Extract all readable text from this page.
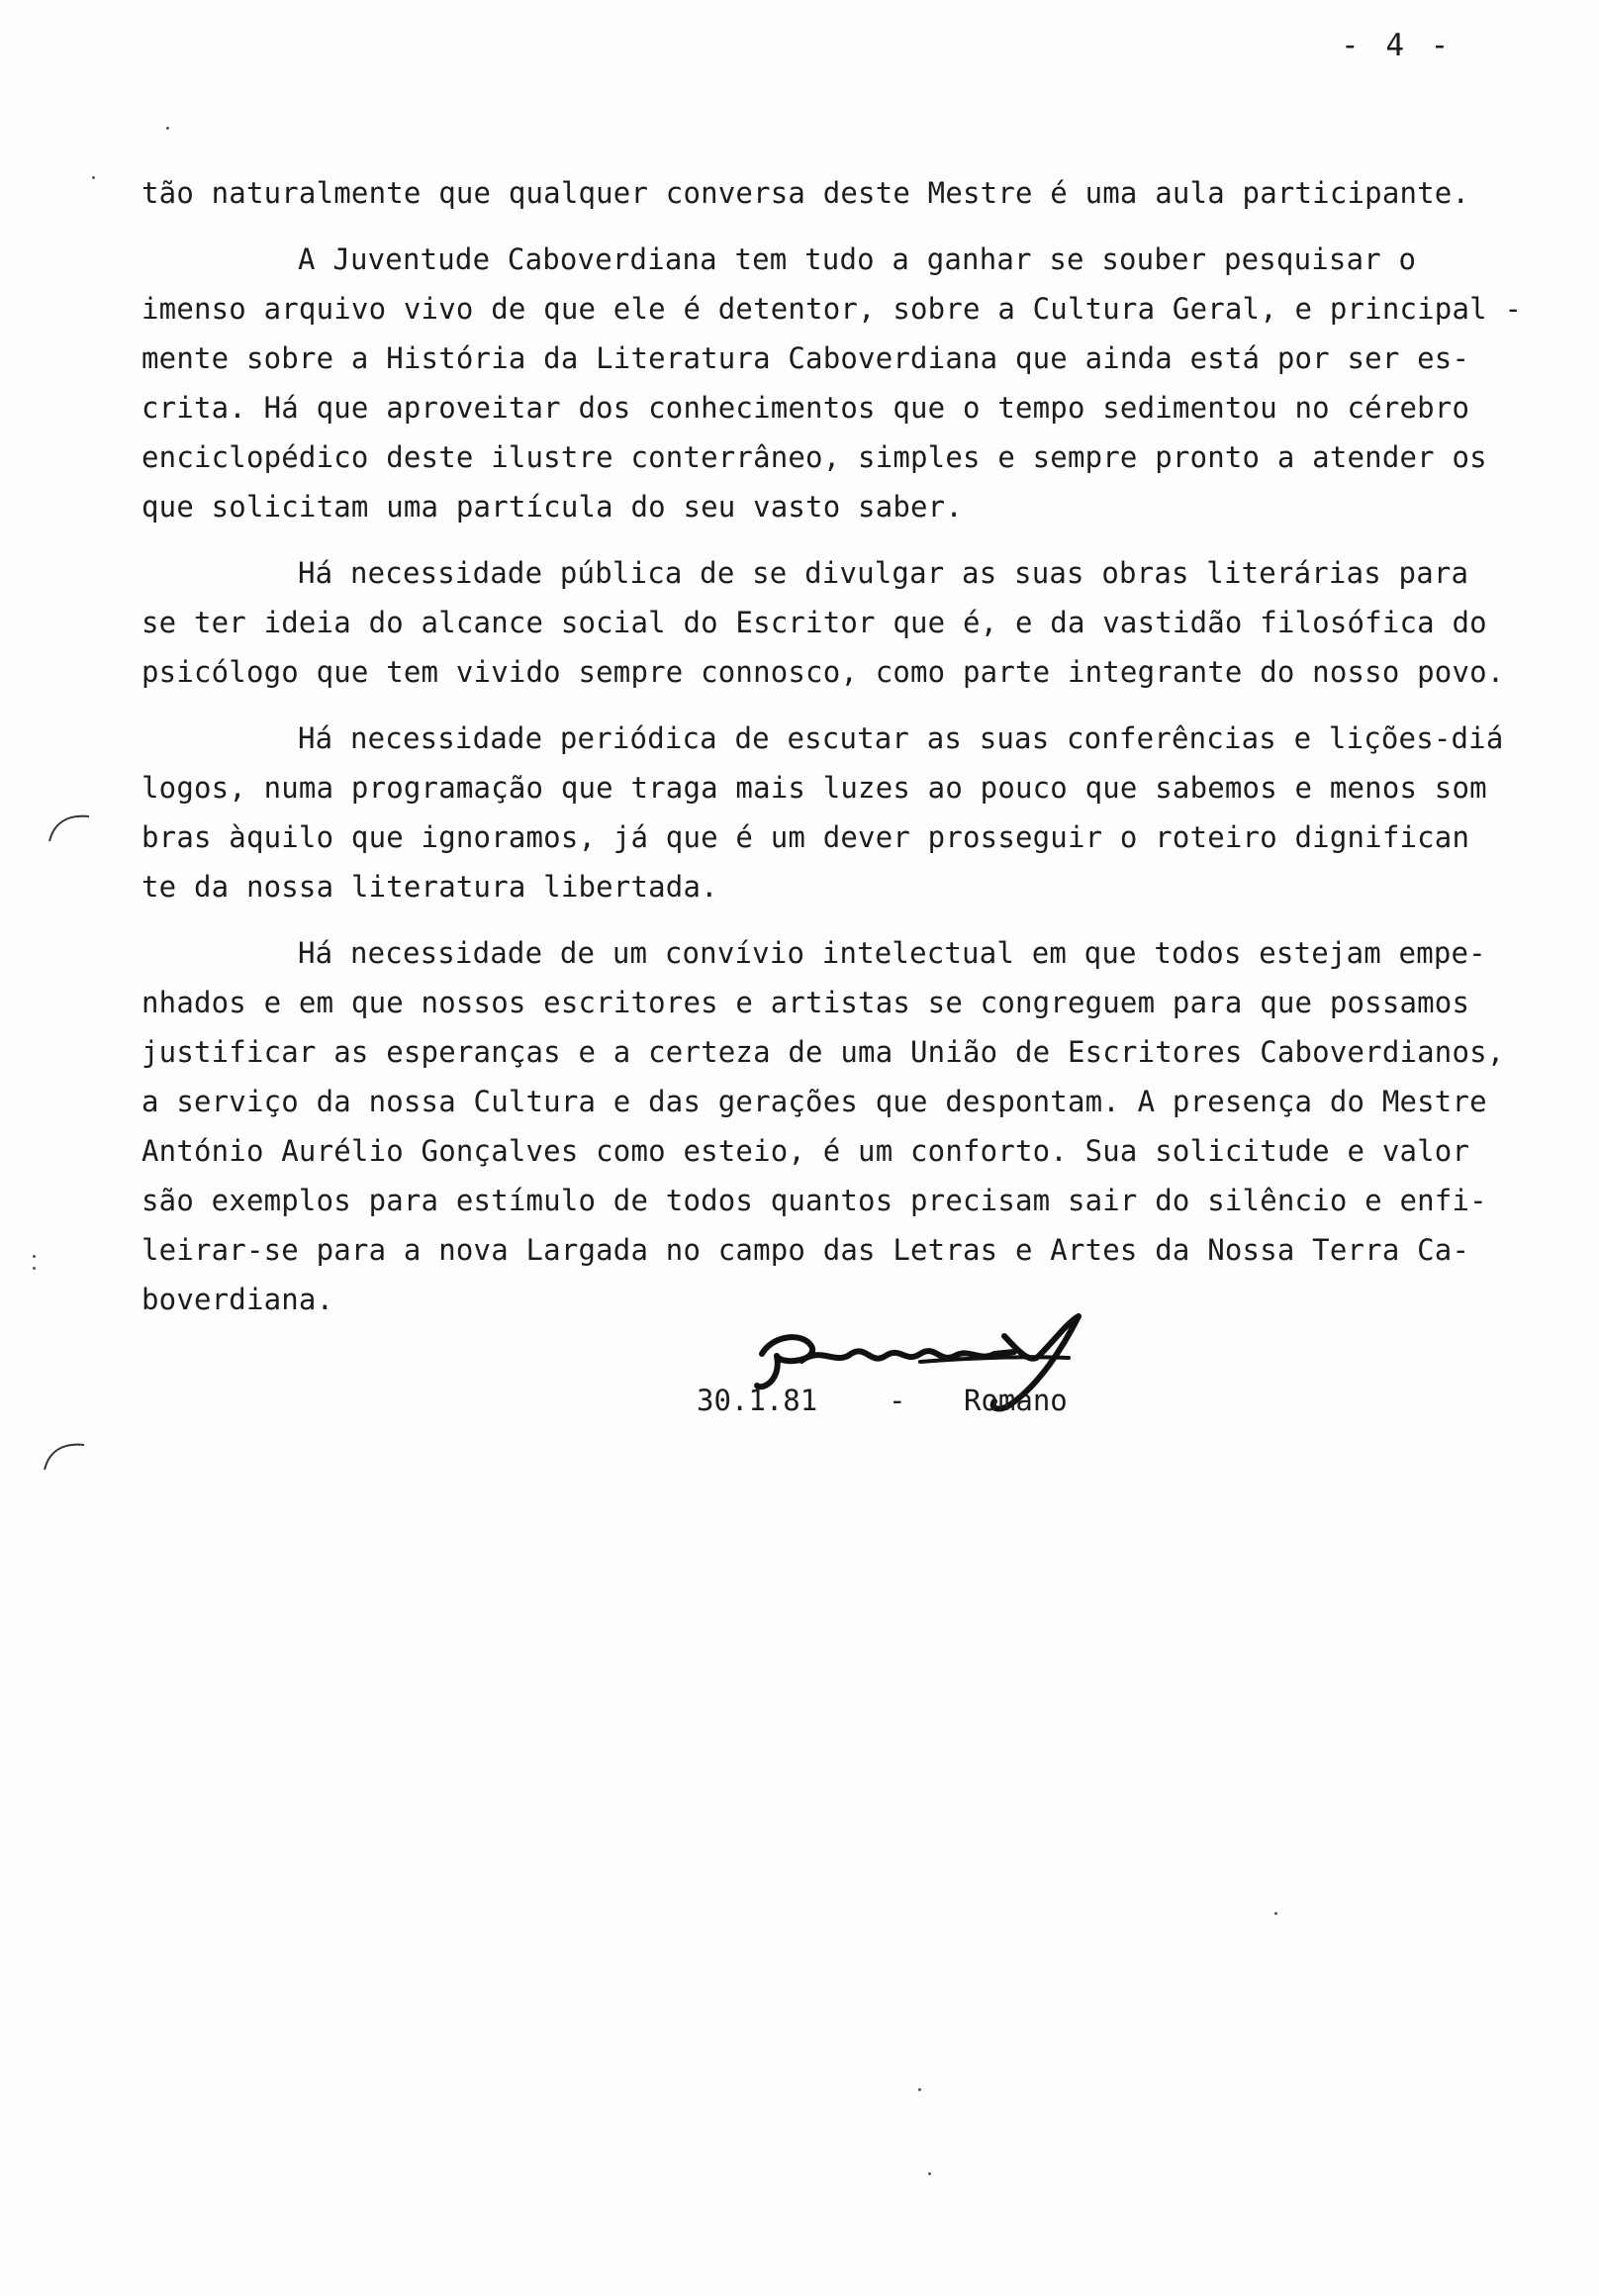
- 4 -
tão naturalmente que qualquer conversa deste Mestre é uma aula participante.
A Juventude Caboverdiana tem tudo a ganhar se souber pesquisar o
imenso arquivo vivo de que ele é detentor, sobre a Cultura Geral, e principal -
mente sobre a História da Literatura Caboverdiana que ainda está por ser es-
crita. Há que aproveitar dos conhecimentos que o tempo sedimentou no cérebro
enciclopédico deste ilustre conterrâneo, simples e sempre pronto a atender os
que solicitam uma partícula do seu vasto saber.
Há necessidade pública de se divulgar as suas obras literárias para
se ter ideia do alcance social do Escritor que é, e da vastidão filosófica do
psicólogo que tem vivido sempre connosco, como parte integrante do nosso povo.
Há necessidade periódica de escutar as suas conferências e lições-diá
logos, numa programação que traga mais luzes ao pouco que sabemos e menos som
bras àquilo que ignoramos, já que é um dever prosseguir o roteiro dignifican
te da nossa literatura libertada.
Há necessidade de um convívio intelectual em que todos estejam empe-
nhados e em que nossos escritores e artistas se congreguem para que possamos
justificar as esperanças e a certeza de uma União de Escritores Caboverdianos,
a serviço da nossa Cultura e das gerações que despontam. A presença do Mestre
António Aurélio Gonçalves como esteio, é um conforto. Sua solicitude e valor
são exemplos para estímulo de todos quantos precisam sair do silêncio e enfi-
leirar-se para a nova Largada no campo das Letras e Artes da Nossa Terra Ca-
boverdiana.
30.1.81 - Romano
